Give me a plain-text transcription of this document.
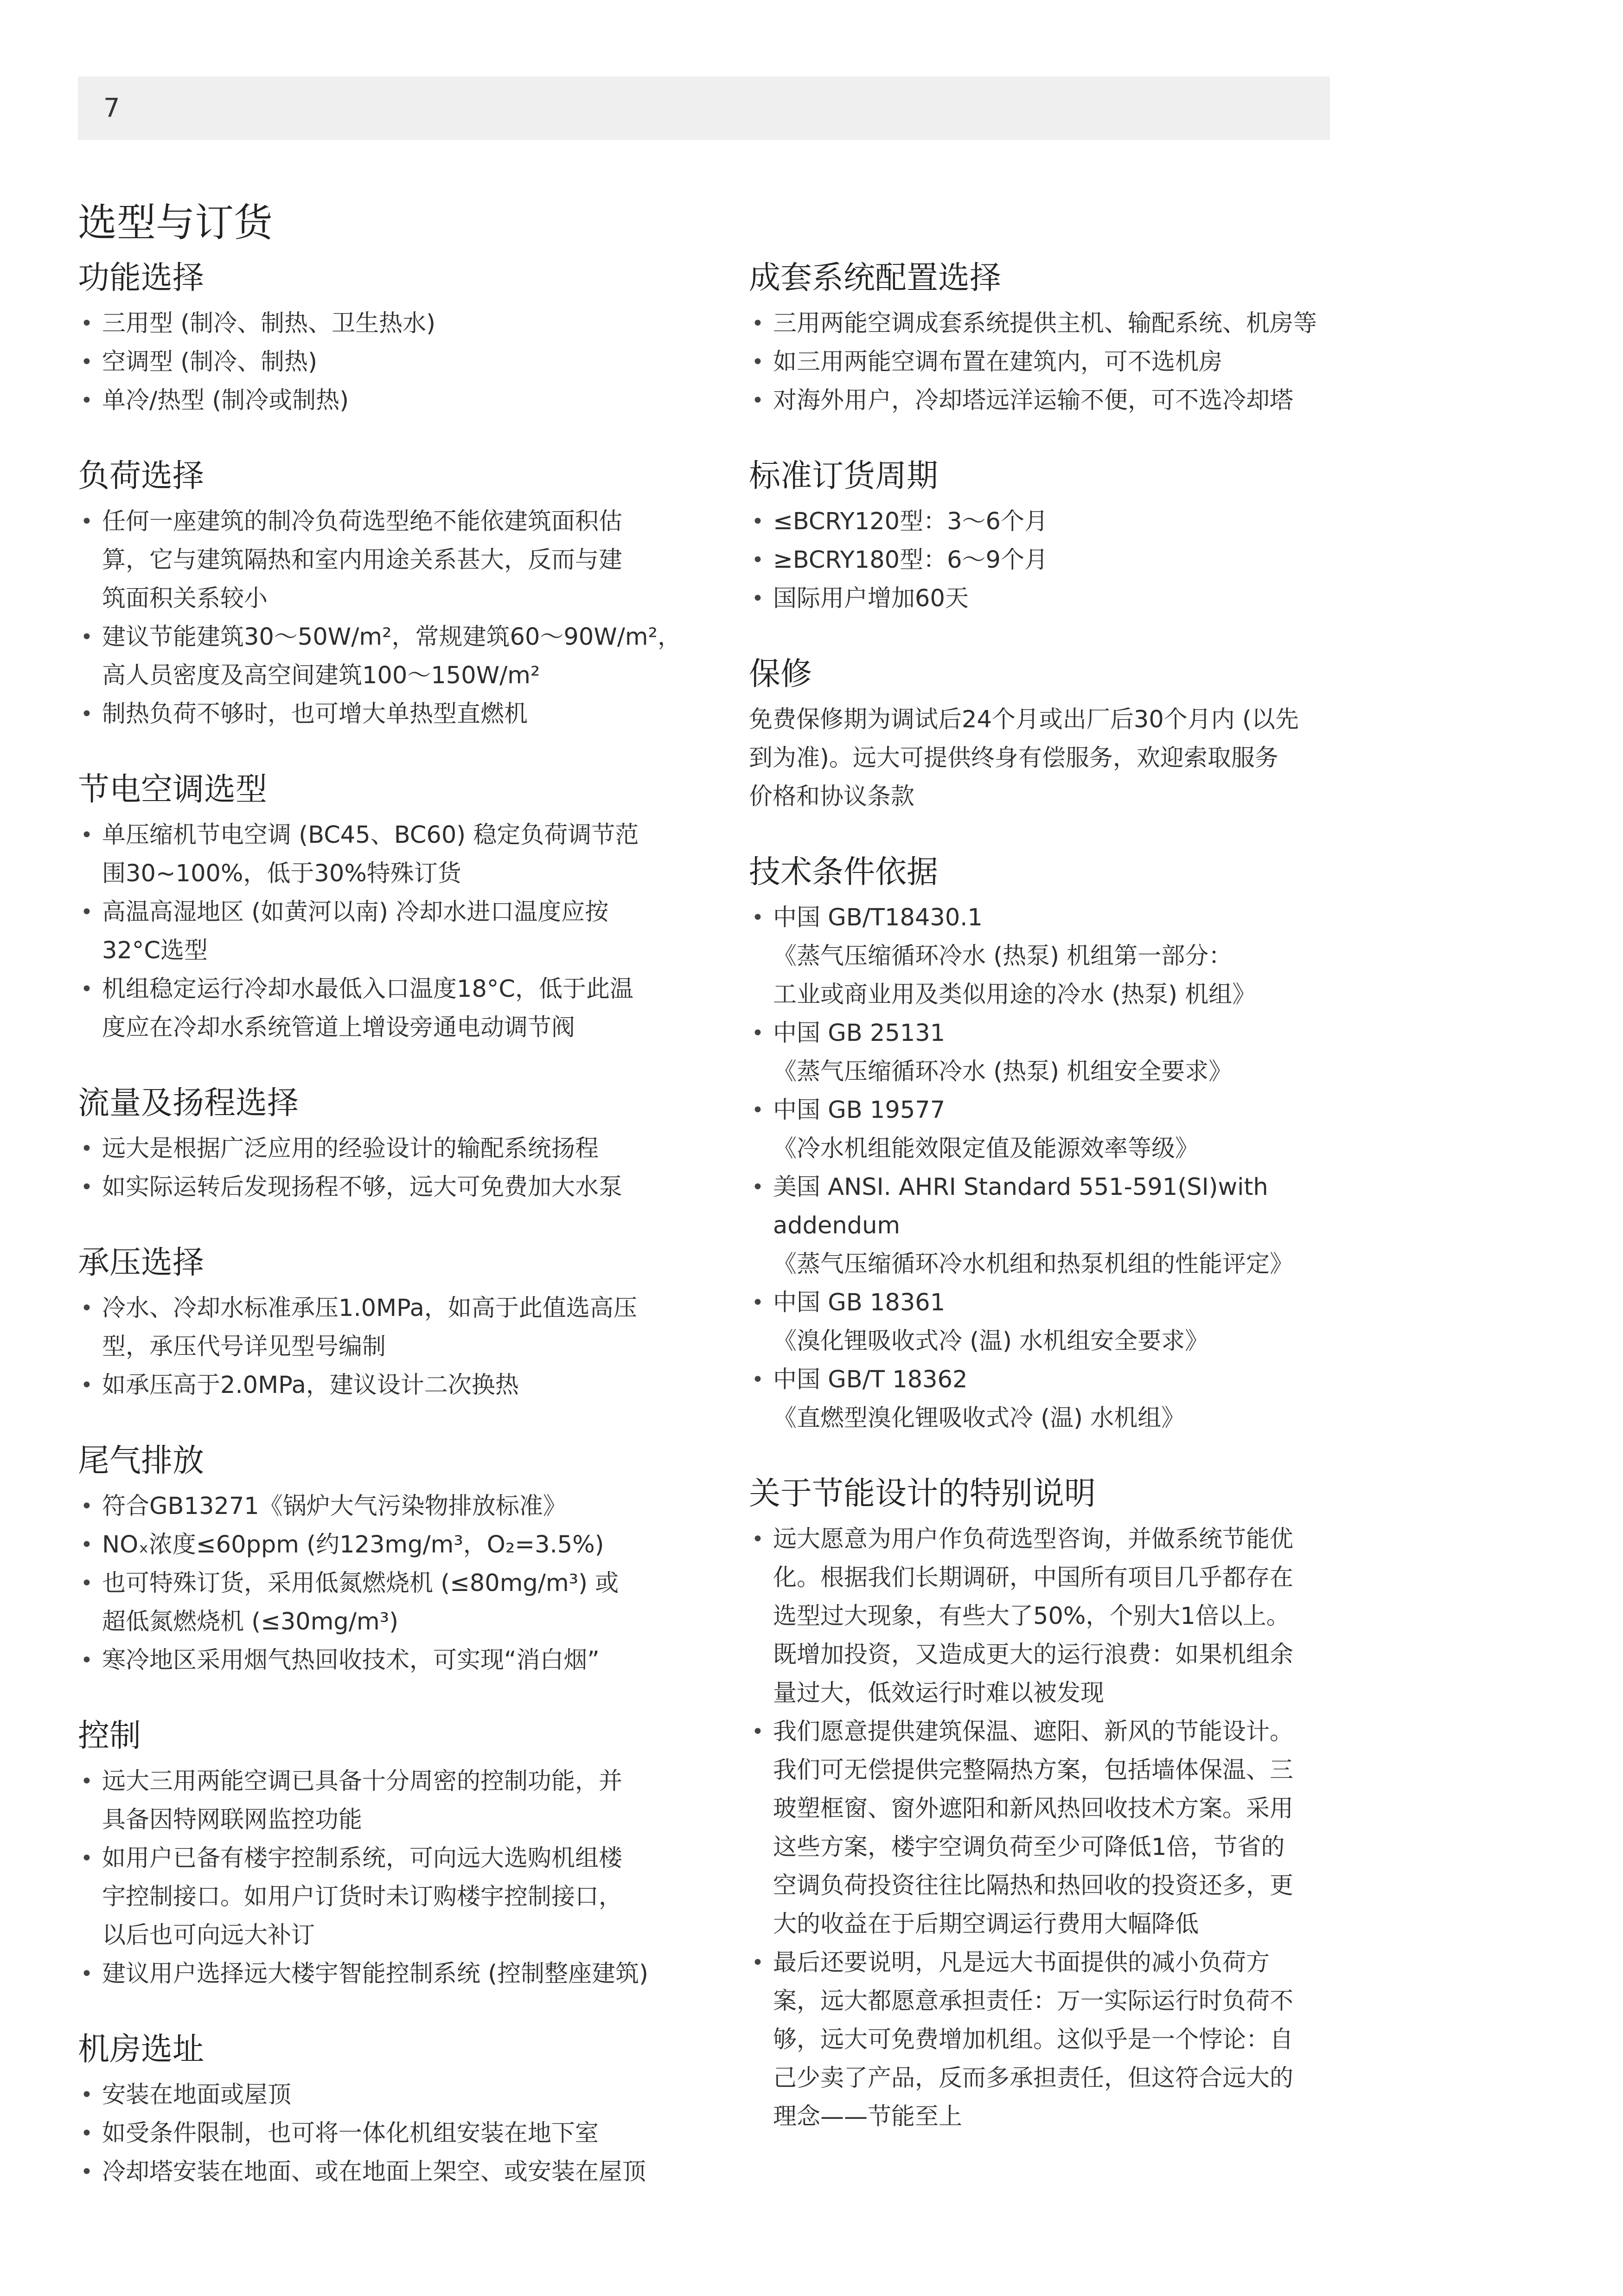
7
选型与订货
功能选择
• 三用型 (制冷、制热、卫生热水)
• 空调型 (制冷、制热)
• 单冷/热型 (制冷或制热)
负荷选择
• 任何一座建筑的制冷负荷选型绝不能依建筑面积估
算，它与建筑隔热和室内用途关系甚大，反而与建
筑面积关系较小
• 建议节能建筑30～50W/m²，常规建筑60～90W/m²，
高人员密度及高空间建筑100～150W/m²
• 制热负荷不够时，也可增大单热型直燃机
节电空调选型
• 单压缩机节电空调 (BC45、BC60) 稳定负荷调节范
围30~100%，低于30%特殊订货
• 高温高湿地区 (如黄河以南) 冷却水进口温度应按
32°C选型
• 机组稳定运行冷却水最低入口温度18°C，低于此温
度应在冷却水系统管道上增设旁通电动调节阀
流量及扬程选择
• 远大是根据广泛应用的经验设计的输配系统扬程
• 如实际运转后发现扬程不够，远大可免费加大水泵
承压选择
• 冷水、冷却水标准承压1.0MPa，如高于此值选高压
型，承压代号详见型号编制
• 如承压高于2.0MPa，建议设计二次换热
尾气排放
• 符合GB13271《锅炉大气污染物排放标准》
• NOₓ浓度≤60ppm (约123mg/m³，O₂=3.5%)
• 也可特殊订货，采用低氮燃烧机 (≤80mg/m³) 或
超低氮燃烧机 (≤30mg/m³)
• 寒冷地区采用烟气热回收技术，可实现“消白烟”
控制
• 远大三用两能空调已具备十分周密的控制功能，并
具备因特网联网监控功能
• 如用户已备有楼宇控制系统，可向远大选购机组楼
宇控制接口。如用户订货时未订购楼宇控制接口，
以后也可向远大补订
• 建议用户选择远大楼宇智能控制系统 (控制整座建筑)
机房选址
• 安装在地面或屋顶
• 如受条件限制，也可将一体化机组安装在地下室
• 冷却塔安装在地面、或在地面上架空、或安装在屋顶
成套系统配置选择
• 三用两能空调成套系统提供主机、输配系统、机房等
• 如三用两能空调布置在建筑内，可不选机房
• 对海外用户，冷却塔远洋运输不便，可不选冷却塔
标准订货周期
• ≤BCRY120型：3～6个月
• ≥BCRY180型：6～9个月
• 国际用户增加60天
保修

免费保修期为调试后24个月或出厂后30个月内 (以先
到为准)。远大可提供终身有偿服务，欢迎索取服务
价格和协议条款

技术条件依据
• 中国 GB/T18430.1
《蒸气压缩循环冷水 (热泵) 机组第一部分：
工业或商业用及类似用途的冷水 (热泵) 机组》
• 中国 GB 25131
《蒸气压缩循环冷水 (热泵) 机组安全要求》
• 中国 GB 19577
《冷水机组能效限定值及能源效率等级》
• 美国 ANSI. AHRI Standard 551-591(SI)with
addendum
《蒸气压缩循环冷水机组和热泵机组的性能评定》
• 中国 GB 18361
《溴化锂吸收式冷 (温) 水机组安全要求》
• 中国 GB/T 18362
《直燃型溴化锂吸收式冷 (温) 水机组》
关于节能设计的特别说明
• 远大愿意为用户作负荷选型咨询，并做系统节能优
化。根据我们长期调研，中国所有项目几乎都存在
选型过大现象，有些大了50%，个别大1倍以上。
既增加投资，又造成更大的运行浪费：如果机组余
量过大，低效运行时难以被发现
• 我们愿意提供建筑保温、遮阳、新风的节能设计。
我们可无偿提供完整隔热方案，包括墙体保温、三
玻塑框窗、窗外遮阳和新风热回收技术方案。采用
这些方案，楼宇空调负荷至少可降低1倍，节省的
空调负荷投资往往比隔热和热回收的投资还多，更
大的收益在于后期空调运行费用大幅降低
• 最后还要说明，凡是远大书面提供的减小负荷方
案，远大都愿意承担责任：万一实际运行时负荷不
够，远大可免费增加机组。这似乎是一个悖论：自
己少卖了产品，反而多承担责任，但这符合远大的
理念——节能至上
